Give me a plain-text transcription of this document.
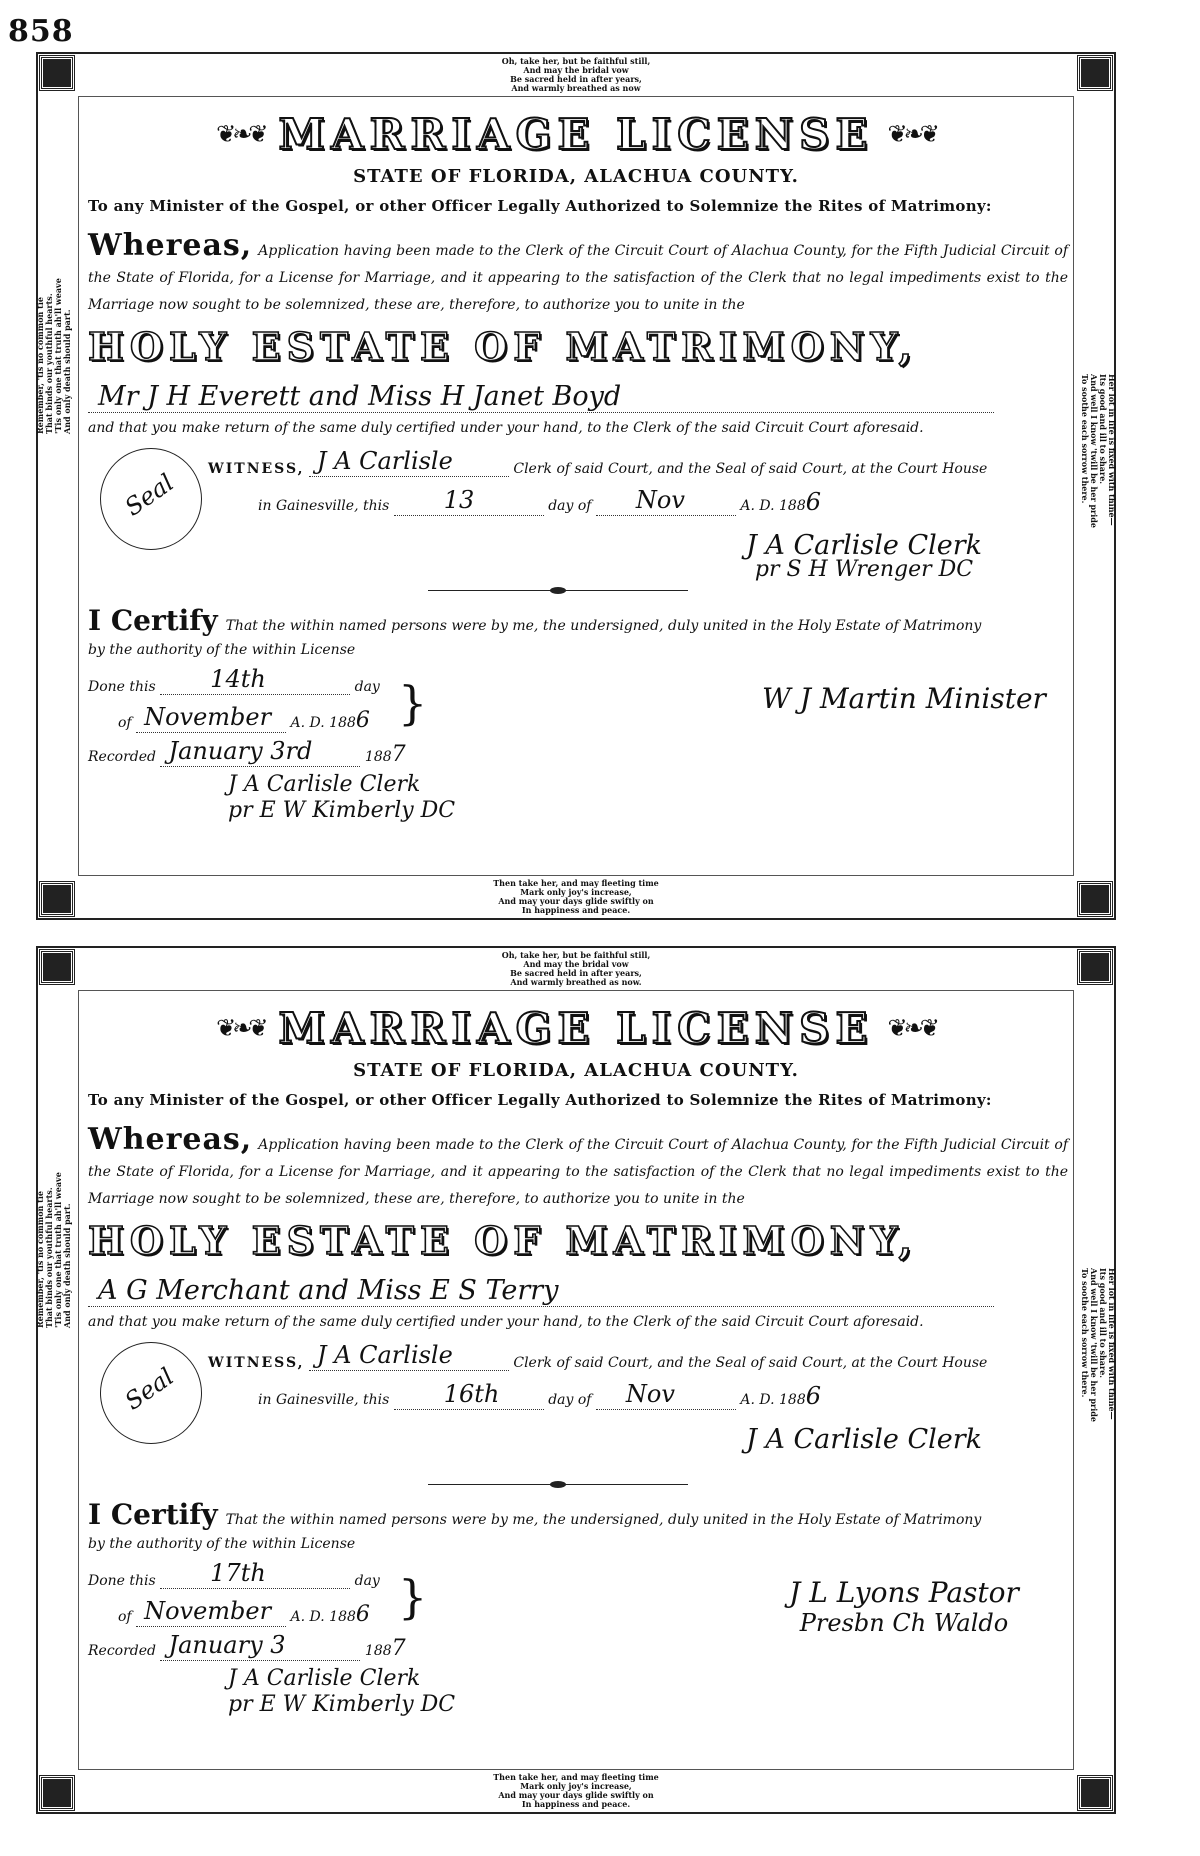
858
Oh, take her, but be faithful still,
And may the bridal vow
Be sacred held in after years,
And warmly breathed as now
Then take her, and may fleeting time
Mark only joy's increase,
And may your days glide swiftly on
In happiness and peace.
Remember, 'tis no common tie That binds our youthful hearts. 'Tis only one that truth ah'll weave And only death should part.
Her lot in life is fixed with thine—
Its good and ill to share.
And well I know 'twill be her pride
To soothe each sorrow there.
❦❧❦ MARRIAGE LICENSE ❦❧❦
STATE OF FLORIDA, ALACHUA COUNTY.
To any Minister of the Gospel, or other Officer Legally Authorized to Solemnize the Rites of Matrimony:
Whereas, Application having been made to the Clerk of the Circuit Court of Alachua County, for the Fifth Judicial Circuit of the State of Florida, for a License for Marriage, and it appearing to the satisfaction of the Clerk that no legal impediments exist to the Marriage now sought to be solemnized, these are, therefore, to authorize you to unite in the
HOLY ESTATE OF MATRIMONY,
Mr J H Everett and Miss H Janet Boyd
and that you make return of the same duly certified under your hand, to the Clerk of the said Circuit Court aforesaid.
Seal WITNESS, J A Carlisle	Clerk of said Court, and the Seal of said Court, at the Court House
in Gainesville, this 13	day of Nov	A. D. 1886
J A Carlisle Clerk
pr S H Wrenger DC
I Certify That the within named persons were by me, the undersigned, duly united in the Holy Estate of Matrimony
by the authority of the within License
Done this 14th	day }
of November A. D. 1886
Recorded January 3rd	1887
W J Martin Minister
J A Carlisle Clerk
pr E W Kimberly DC
Oh, take her, but be faithful still,
And may the bridal vow
Be sacred held in after years,
And warmly breathed as now.
Then take her, and may fleeting time
Mark only joy's increase,
And may your days glide swiftly on
In happiness and peace.
Remember, 'tis no common tie That binds our youthful hearts. 'Tis only one that truth ah'll weave And only death should part.
Her lot in life is fixed with thine—
Its good and ill to share.
And well I know 'twill be her pride
To soothe each sorrow there.
❦❧❦ MARRIAGE LICENSE ❦❧❦
STATE OF FLORIDA, ALACHUA COUNTY.
To any Minister of the Gospel, or other Officer Legally Authorized to Solemnize the Rites of Matrimony:
Whereas, Application having been made to the Clerk of the Circuit Court of Alachua County, for the Fifth Judicial Circuit of the State of Florida, for a License for Marriage, and it appearing to the satisfaction of the Clerk that no legal impediments exist to the Marriage now sought to be solemnized, these are, therefore, to authorize you to unite in the
HOLY ESTATE OF MATRIMONY,
A G Merchant and Miss E S Terry
and that you make return of the same duly certified under your hand, to the Clerk of the said Circuit Court aforesaid.
Seal WITNESS, J A Carlisle	Clerk of said Court, and the Seal of said Court, at the Court House
in Gainesville, this 16th	day of Nov	A. D. 1886
J A Carlisle Clerk
I Certify That the within named persons were by me, the undersigned, duly united in the Holy Estate of Matrimony
by the authority of the within License
Done this 17th	day }
of November A. D. 1886
Recorded January 3	1887
J L Lyons Pastor
Presbn Ch Waldo
J A Carlisle Clerk
pr E W Kimberly DC
